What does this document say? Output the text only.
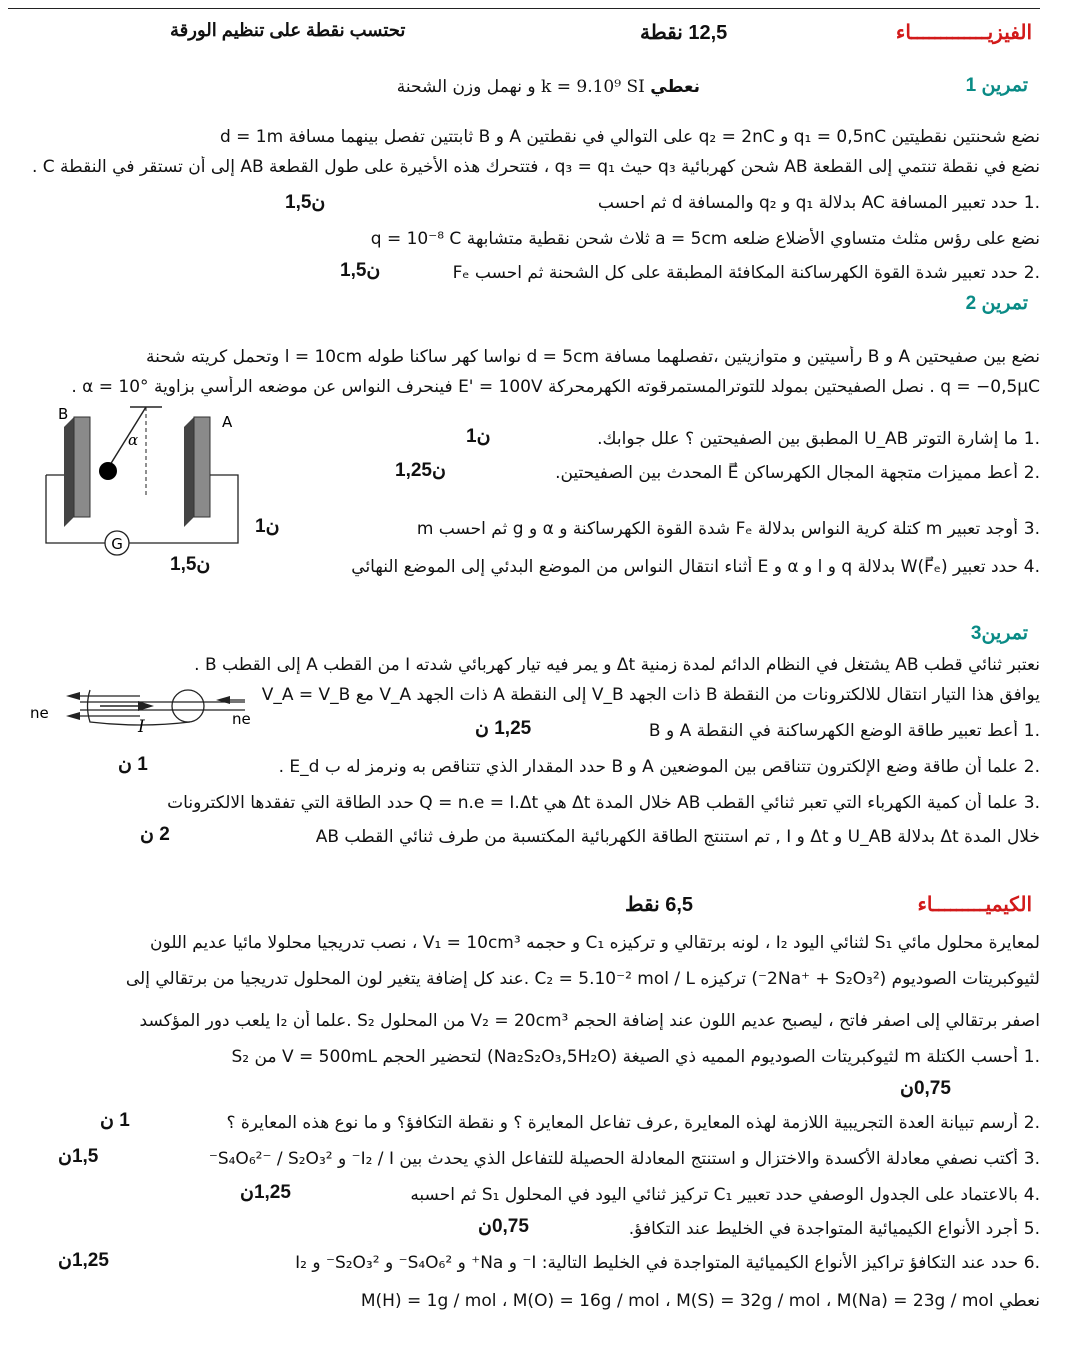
الفيزيـــــــــــــاء
12,5 نقطة
تحتسب نقطة على تنظيم الورقة
تمرين 1
نعطي k = 9.10⁹ SI و نهمل وزن الشحنة
نضع شحنتين نقطيتين q₁ = 0,5nC و q₂ = 2nC على التوالي في نقطتين A و B ثابتتين تفصل بينهما مسافة d = 1m
نضع في نقطة تنتمي إلى القطعة AB شحن كهربائية q₃ حيث q₃ = q₁ ، فتتحرك هذه الأخيرة على طول القطعة AB إلى أن تستقر في النقطة C .
.1حدد تعبير المسافة AC بدلالة q₁ و q₂ والمسافة d ثم احسب
1,5ن
نضع على رؤس مثلث متساوي الأضلاع ضلعه a = 5cm ثلاث شحن نقطية متشابهة q = 10⁻⁸ C
.2حدد تعبير شدة القوة الكهرساكنة المكافئة المطبقة على كل الشحنة ثم احسب Fₑ
1,5ن
تمرين 2
نضع بين صفيحتين A و B رأسيتين و متوازيتين ،تفصلهما مسافة d = 5cm نواسا كهر ساكنا طوله l = 10cm وتحمل كريته شحنة
q = −0,5μC . نصل الصفيحتين بمولد للتوترالمستمرقوته الكهرمحركة E' = 100V فينحرف النواس عن موضعه الرأسي بزاوية α = 10° .
G
B	A
α	.1ما إشارة التوتر U_AB المطبق بين الصفيحتين ؟ علل جوابك.
1ن
.2أعط مميزات متجهة المجال الكهرساكن E⃗ المحدث بين الصفيحتين.
1,25ن
.3أوجد تعبير m كتلة كرية النواس بدلالة Fₑ شدة القوة الكهرساكنة و α و g ثم احسب m
1ن
.4حدد تعبير W(F⃗ₑ) بدلالة q و l و α و E أثناء انتقال النواس من الموضع البدئي إلى الموضع النهائي
1,5ن
تمرين3
نعتبر ثنائي قطب AB يشتغل في النظام الدائم لمدة زمنية Δt و يمر فيه تيار كهربائي شدته I من القطب A إلى القطب B .
يوافق هذا التيار انتقال للالكترونات من النقطة B ذات الجهد V_B إلى النقطة A ذات الجهد V_A مع V_A = V_B
ne	ne
I	.1أعط تعبير طاقة الوضع الكهرساكنة في النقطة A و B
1,25 ن
.2علما أن طاقة وضع الإلكترون تتناقص بين الموضعين A و B حدد المقدار الذي تتناقص به ونرمز له ب E_d .
1 ن
.3علما أن كمية الكهرباء التي تعبر ثنائي القطب AB خلال المدة Δt هي Q = n.e = I.Δt حدد الطاقة التي تفقدها الالكترونات
خلال المدة Δt بدلالة U_AB و Δt و I , تم استنتج الطاقة الكهربائية المكتسبة من طرف ثنائي القطب AB
2 ن
الكيميـــــــــاء
6,5 نقط
لمعايرة محلول مائي S₁ لثنائي اليود I₂ ، لونه برتقالي و تركيزه C₁ و حجمه V₁ = 10cm³ ، نصب تدريجيا محلولا مائيا عديم اللون
لثيوكبريتات الصوديوم (2Na⁺ + S₂O₃²⁻) تركيزه C₂ = 5.10⁻² mol / L .عند كل إضافة يتغير لون المحلول تدريجيا من برتقالي إلى
اصفر برتقالي إلى اصفر فاتح ، ليصبح عديم اللون عند إضافة الحجم V₂ = 20cm³ من المحلول S₂ .علما أن I₂ يلعب دور المؤكسد
.1أحسب الكتلة m لثيوكبريتات الصوديوم المميه ذي الصيغة (Na₂S₂O₃,5H₂O) لتحضير الحجم V = 500mL من S₂
0,75ن
.2أرسم تبيانة العدة التجريبية اللازمة لهذه المعايرة ,عرف تفاعل المعايرة ؟ و نقطة التكافؤ؟ و ما نوع هذه المعايرة ؟
1 ن
.3أكتب نصفي معادلة الأكسدة والاختزال و استنتج المعادلة الحصيلة للتفاعل الذي يحدث بين I₂ / I⁻ و S₄O₆²⁻ / S₂O₃²⁻
1,5ن
.4بالاعتماد على الجدول الوصفي حدد تعبير C₁ تركيز ثنائي اليود في المحلول S₁ ثم احسبه
1,25ن
.5أجرد الأنواع الكيميائية المتواجدة في الخليط عند التكافؤ.
0,75ن
.6حدد عند التكافؤ تراكيز الأنواع الكيميائية المتواجدة في الخليط التالية: I⁻ و Na⁺ و S₄O₆²⁻ و S₂O₃²⁻ و I₂
1,25ن
نعطي M(H) = 1g / mol ، M(O) = 16g / mol ، M(S) = 32g / mol ، M(Na) = 23g / mol
